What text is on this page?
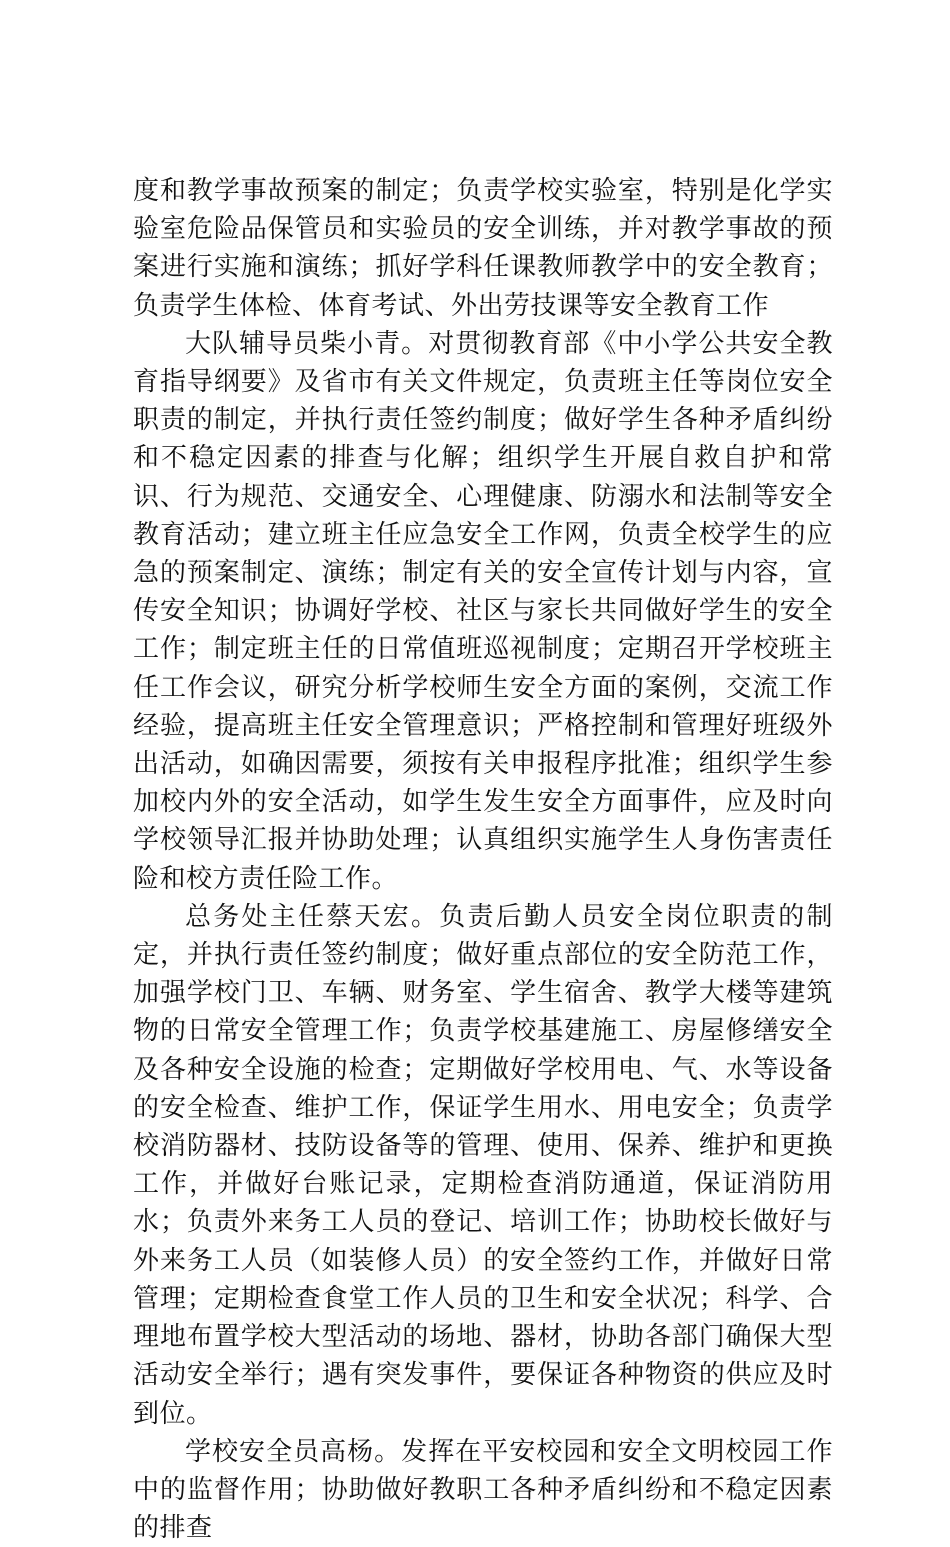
度和教学事故预案的制定；负责学校实验室，特别是化学实验室危险品保管员和实验员的安全训练，并对教学事故的预案进行实施和演练；抓好学科任课教师教学中的安全教育；负责学生体检、体育考试、外出劳技课等安全教育工作

大队辅导员柴小青。对贯彻教育部《中小学公共安全教育指导纲要》及省市有关文件规定，负责班主任等岗位安全职责的制定，并执行责任签约制度；做好学生各种矛盾纠纷和不稳定因素的排查与化解；组织学生开展自救自护和常识、行为规范、交通安全、心理健康、防溺水和法制等安全教育活动；建立班主任应急安全工作网，负责全校学生的应急的预案制定、演练；制定有关的安全宣传计划与内容，宣传安全知识；协调好学校、社区与家长共同做好学生的安全工作；制定班主任的日常值班巡视制度；定期召开学校班主任工作会议，研究分析学校师生安全方面的案例，交流工作经验，提高班主任安全管理意识；严格控制和管理好班级外出活动，如确因需要，须按有关申报程序批准；组织学生参加校内外的安全活动，如学生发生安全方面事件，应及时向学校领导汇报并协助处理；认真组织实施学生人身伤害责任险和校方责任险工作。

总务处主任蔡天宏。负责后勤人员安全岗位职责的制定，并执行责任签约制度；做好重点部位的安全防范工作，加强学校门卫、车辆、财务室、学生宿舍、教学大楼等建筑物的日常安全管理工作；负责学校基建施工、房屋修缮安全及各种安全设施的检查；定期做好学校用电、气、水等设备的安全检查、维护工作，保证学生用水、用电安全；负责学校消防器材、技防设备等的管理、使用、保养、维护和更换工作，并做好台账记录，定期检查消防通道，保证消防用水；负责外来务工人员的登记、培训工作；协助校长做好与外来务工人员（如装修人员）的安全签约工作，并做好日常管理；定期检查食堂工作人员的卫生和安全状况；科学、合理地布置学校大型活动的场地、器材，协助各部门确保大型活动安全举行；遇有突发事件，要保证各种物资的供应及时到位。

学校安全员高杨。发挥在平安校园和安全文明校园工作中的监督作用；协助做好教职工各种矛盾纠纷和不稳定因素的排查
